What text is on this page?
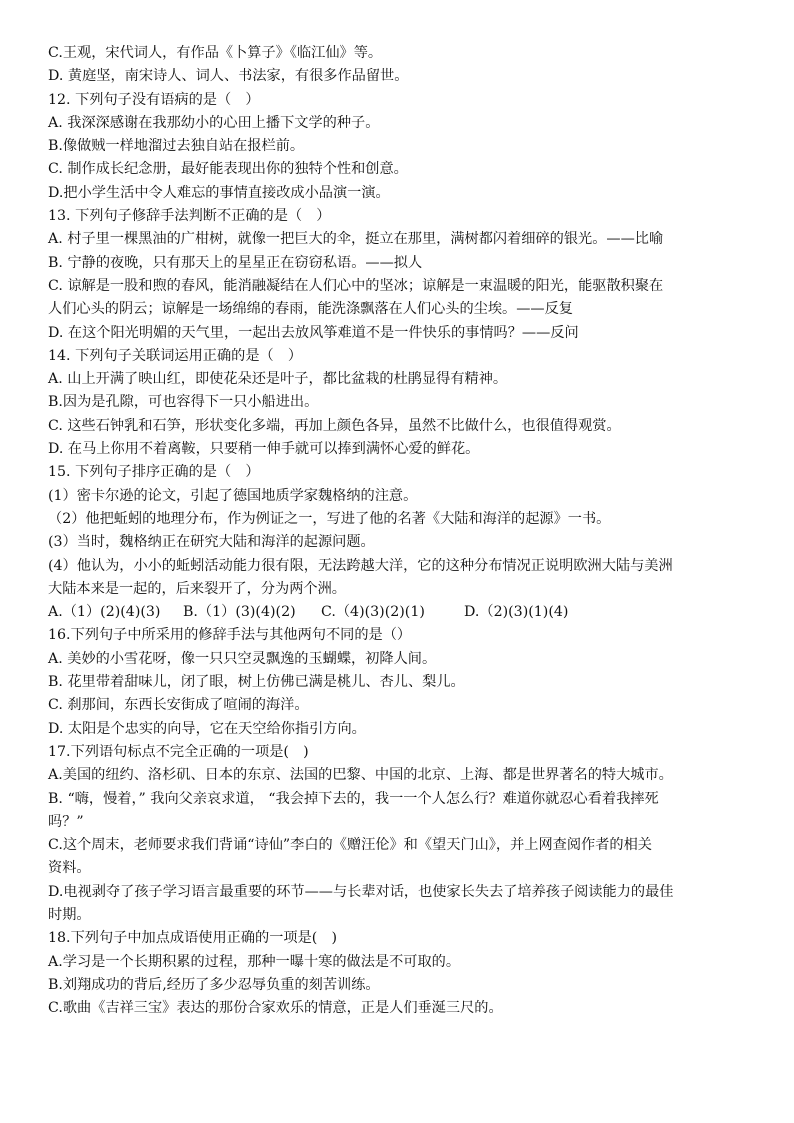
C.王观，宋代词人，有作品《卜算子》《临江仙》等。

D. 黄庭坚，南宋诗人、词人、书法家，有很多作品留世。

12. 下列句子没有语病的是（　）

A. 我深深感谢在我那幼小的心田上播下文学的种子。

B.像做贼一样地溜过去独自站在报栏前。

C. 制作成长纪念册，最好能表现出你的独特个性和创意。

D.把小学生活中令人难忘的事情直接改成小品演一演。

13. 下列句子修辞手法判断不正确的是（　）

A. 村子里一棵黑油的广柑树，就像一把巨大的伞，挺立在那里，满树都闪着细碎的银光。——比喻

B. 宁静的夜晚，只有那天上的星星正在窃窃私语。——拟人

C. 谅解是一股和煦的春风，能消融凝结在人们心中的坚冰；谅解是一束温暖的阳光，能驱散积聚在

人们心头的阴云；谅解是一场绵绵的春雨，能洗涤飘落在人们心头的尘埃。——反复

D. 在这个阳光明媚的天气里，一起出去放风筝难道不是一件快乐的事情吗？——反问

14. 下列句子关联词运用正确的是（　）

A. 山上开满了映山红，即使花朵还是叶子，都比盆栽的杜鹃显得有精神。

B.因为是孔隙，可也容得下一只小船进出。

C. 这些石钟乳和石笋，形状变化多端，再加上颜色各异，虽然不比做什么，也很值得观赏。

D. 在马上你用不着离鞍，只要稍一伸手就可以捧到满怀心爱的鲜花。

15. 下列句子排序正确的是（　）

(1）密卡尔逊的论文，引起了德国地质学家魏格纳的注意。

（2）他把蚯蚓的地理分布，作为例证之一，写进了他的名著《大陆和海洋的起源》一书。

(3）当时，魏格纳正在研究大陆和海洋的起源问题。

(4）他认为，小小的蚯蚓活动能力很有限，无法跨越大洋，它的这种分布情况正说明欧洲大陆与美洲

大陆本来是一起的，后来裂开了，分为两个洲。

A.（1）(2)(4)(3)	B.（1）(3)(4)(2)	C.（4)(3)(2)(1)	D.（2)(3)(1)(4)

16.下列句子中所采用的修辞手法与其他两句不同的是（）

A. 美妙的小雪花呀，像一只只空灵飘逸的玉蝴蝶，初降人间。

B. 花里带着甜味儿，闭了眼，树上仿佛已满是桃儿、杏儿、梨儿。

C. 刹那间，东西长安街成了喧闹的海洋。

D. 太阳是个忠实的向导，它在天空给你指引方向。

17.下列语句标点不完全正确的一项是(　)

A.美国的纽约、洛杉矶、日本的东京、法国的巴黎、中国的北京、上海、都是世界著名的特大城市。

B. “嗨，慢着，” 我向父亲哀求道， “我会掉下去的，我一一个人怎么行？难道你就忍心看着我摔死

吗？”

C.这个周末，老师要求我们背诵“诗仙”李白的《赠汪伦》和《望天门山》，并上网查阅作者的相关

资料。

D.电视剥夺了孩子学习语言最重要的环节——与长辈对话，也使家长失去了培养孩子阅读能力的最佳

时期。

18.下列句子中加点成语使用正确的一项是(　)

A.学习是一个长期积累的过程，那种一曝十寒的做法是不可取的。

B.刘翔成功的背后,经历了多少忍辱负重的刻苦训练。

C.歌曲《吉祥三宝》表达的那份合家欢乐的情意，正是人们垂涎三尺的。
